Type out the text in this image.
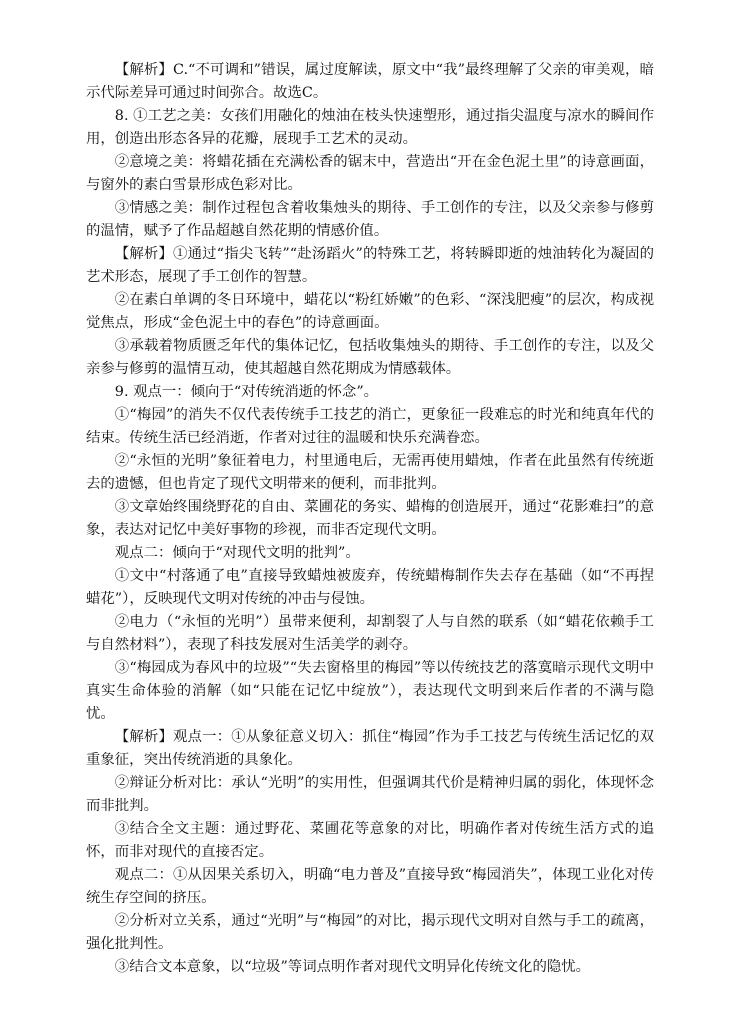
【解析】C.“不可调和”错误，属过度解读，原文中“我”最终理解了父亲的审美观，暗示代际差异可通过时间弥合。故选C。
8. ①工艺之美：女孩们用融化的烛油在枝头快速塑形，通过指尖温度与凉水的瞬间作用，创造出形态各异的花瓣，展现手工艺术的灵动。
②意境之美：将蜡花插在充满松香的锯末中，营造出“开在金色泥土里”的诗意画面，与窗外的素白雪景形成色彩对比。
③情感之美：制作过程包含着收集烛头的期待、手工创作的专注，以及父亲参与修剪的温情，赋予了作品超越自然花期的情感价值。
【解析】①通过“指尖飞转”“赴汤蹈火”的特殊工艺，将转瞬即逝的烛油转化为凝固的艺术形态，展现了手工创作的智慧。
②在素白单调的冬日环境中，蜡花以“粉红娇嫩”的色彩、“深浅肥瘦”的层次，构成视觉焦点，形成“金色泥土中的春色”的诗意画面。
③承载着物质匮乏年代的集体记忆，包括收集烛头的期待、手工创作的专注，以及父亲参与修剪的温情互动，使其超越自然花期成为情感载体。
9. 观点一：倾向于“对传统消逝的怀念”。
①“梅园”的消失不仅代表传统手工技艺的消亡，更象征一段难忘的时光和纯真年代的结束。传统生活已经消逝，作者对过往的温暖和快乐充满眷恋。
②“永恒的光明”象征着电力，村里通电后，无需再使用蜡烛，作者在此虽然有传统逝去的遗憾，但也肯定了现代文明带来的便利，而非批判。
③文章始终围绕野花的自由、菜圃花的务实、蜡梅的创造展开，通过“花影难扫”的意象，表达对记忆中美好事物的珍视，而非否定现代文明。
观点二：倾向于“对现代文明的批判”。
①文中“村落通了电”直接导致蜡烛被废弃，传统蜡梅制作失去存在基础（如“不再捏蜡花”），反映现代文明对传统的冲击与侵蚀。
②电力（“永恒的光明”）虽带来便利，却割裂了人与自然的联系（如“蜡花依赖手工与自然材料”），表现了科技发展对生活美学的剥夺。
③“梅园成为春风中的垃圾”“失去窗格里的梅园”等以传统技艺的落寞暗示现代文明中真实生命体验的消解（如“只能在记忆中绽放”），表达现代文明到来后作者的不满与隐忧。
【解析】观点一：①从象征意义切入：抓住“梅园”作为手工技艺与传统生活记忆的双重象征，突出传统消逝的具象化。
②辩证分析对比：承认“光明”的实用性，但强调其代价是精神归属的弱化，体现怀念而非批判。
③结合全文主题：通过野花、菜圃花等意象的对比，明确作者对传统生活方式的追怀，而非对现代的直接否定。
观点二：①从因果关系切入，明确“电力普及”直接导致“梅园消失”，体现工业化对传统生存空间的挤压。
②分析对立关系，通过“光明”与“梅园”的对比，揭示现代文明对自然与手工的疏离，强化批判性。
③结合文本意象，以“垃圾”等词点明作者对现代文明异化传统文化的隐忧。
